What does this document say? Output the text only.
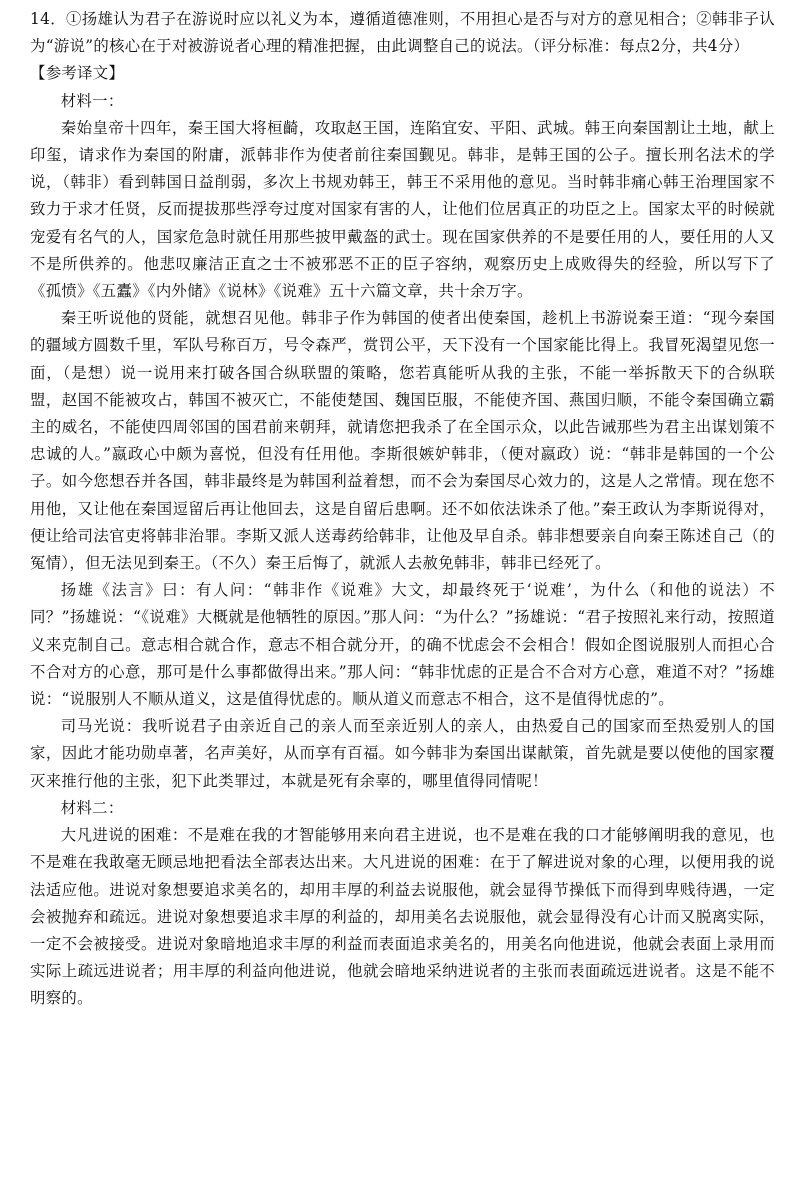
14．①扬雄认为君子在游说时应以礼义为本，遵循道德准则，不用担心是否与对方的意见相合；②韩非子认为“游说”的核心在于对被游说者心理的精准把握，由此调整自己的说法。（评分标准：每点2分，共4分）

【参考译文】

材料一：

秦始皇帝十四年，秦王国大将桓齮，攻取赵王国，连陷宜安、平阳、武城。韩王向秦国割让土地，献上印玺，请求作为秦国的附庸，派韩非作为使者前往秦国觐见。韩非，是韩王国的公子。擅长刑名法术的学说，（韩非）看到韩国日益削弱，多次上书规劝韩王，韩王不采用他的意见。当时韩非痛心韩王治理国家不致力于求才任贤，反而提拔那些浮夸过度对国家有害的人，让他们位居真正的功臣之上。国家太平的时候就宠爱有名气的人，国家危急时就任用那些披甲戴盔的武士。现在国家供养的不是要任用的人，要任用的人又不是所供养的。他悲叹廉洁正直之士不被邪恶不正的臣子容纳，观察历史上成败得失的经验，所以写下了《孤愤》《五蠹》《内外储》《说林》《说难》五十六篇文章，共十余万字。

秦王听说他的贤能，就想召见他。韩非子作为韩国的使者出使秦国，趁机上书游说秦王道：“现今秦国的疆域方圆数千里，军队号称百万，号令森严，赏罚公平，天下没有一个国家能比得上。我冒死渴望见您一面，（是想）说一说用来打破各国合纵联盟的策略，您若真能听从我的主张，不能一举拆散天下的合纵联盟，赵国不能被攻占，韩国不被灭亡，不能使楚国、魏国臣服，不能使齐国、燕国归顺，不能令秦国确立霸主的威名，不能使四周邻国的国君前来朝拜，就请您把我杀了在全国示众，以此告诫那些为君主出谋划策不忠诚的人。”嬴政心中颇为喜悦，但没有任用他。李斯很嫉妒韩非，（便对嬴政）说：“韩非是韩国的一个公子。如今您想吞并各国，韩非最终是为韩国利益着想，而不会为秦国尽心效力的，这是人之常情。现在您不用他，又让他在秦国逗留后再让他回去，这是自留后患啊。还不如依法诛杀了他。”秦王政认为李斯说得对，便让给司法官吏将韩非治罪。李斯又派人送毒药给韩非，让他及早自杀。韩非想要亲自向秦王陈述自己（的冤情），但无法见到秦王。（不久）秦王后悔了，就派人去赦免韩非，韩非已经死了。

扬雄《法言》曰：有人问：“韩非作《说难》大文，却最终死于‘说难’，为什么（和他的说法）不同？”扬雄说：“《说难》大概就是他牺牲的原因。”那人问：“为什么？”扬雄说：“君子按照礼来行动，按照道义来克制自己。意志相合就合作，意志不相合就分开，的确不忧虑会不会相合！假如企图说服别人而担心合不合对方的心意，那可是什么事都做得出来。”那人问：“韩非忧虑的正是合不合对方心意，难道不对？”扬雄说：“说服别人不顺从道义，这是值得忧虑的。顺从道义而意志不相合，这不是值得忧虑的”。

司马光说：我听说君子由亲近自己的亲人而至亲近别人的亲人，由热爱自己的国家而至热爱别人的国家，因此才能功勋卓著，名声美好，从而享有百福。如今韩非为秦国出谋献策，首先就是要以使他的国家覆灭来推行他的主张，犯下此类罪过，本就是死有余辜的，哪里值得同情呢！

材料二：

大凡进说的困难：不是难在我的才智能够用来向君主进说，也不是难在我的口才能够阐明我的意见，也不是难在我敢毫无顾忌地把看法全部表达出来。大凡进说的困难：在于了解进说对象的心理，以便用我的说法适应他。进说对象想要追求美名的，却用丰厚的利益去说服他，就会显得节操低下而得到卑贱待遇，一定会被抛弃和疏远。进说对象想要追求丰厚的利益的，却用美名去说服他，就会显得没有心计而又脱离实际，一定不会被接受。进说对象暗地追求丰厚的利益而表面追求美名的，用美名向他进说，他就会表面上录用而实际上疏远进说者；用丰厚的利益向他进说，他就会暗地采纳进说者的主张而表面疏远进说者。这是不能不明察的。
